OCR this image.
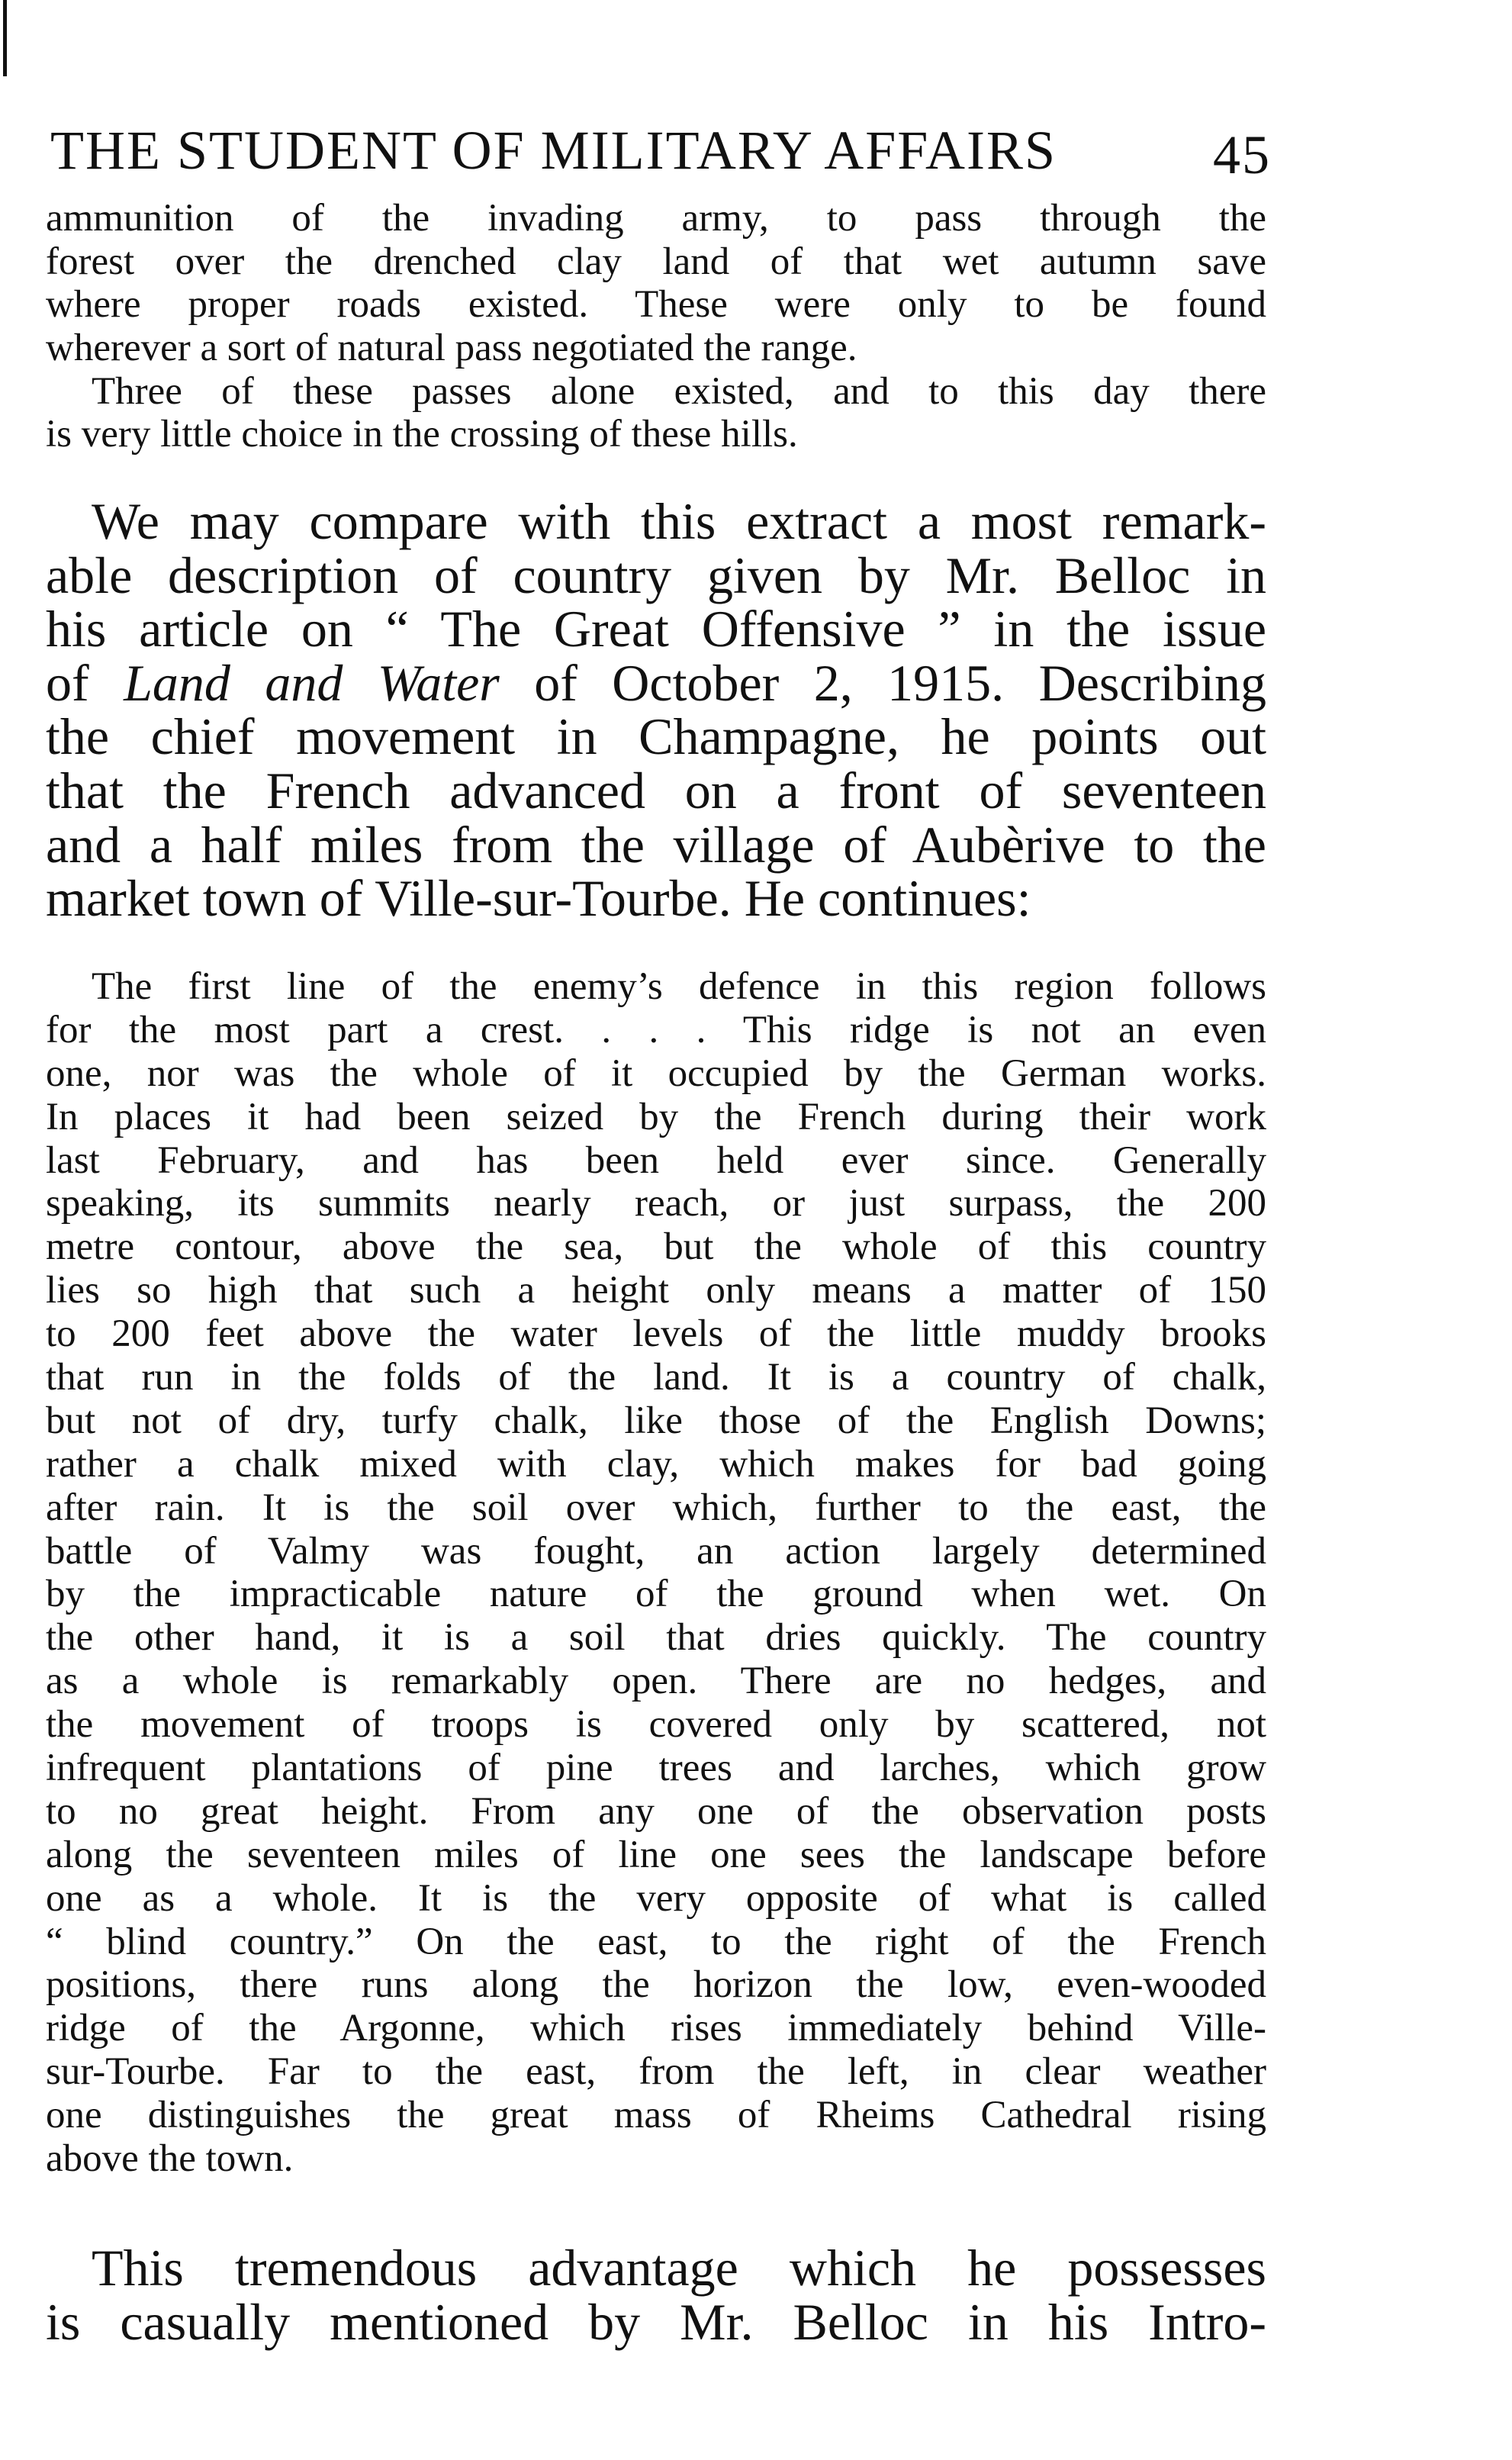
THE STUDENT OF MILITARY AFFAIRS	45
ammunition of the invading army, to pass through the
forest over the drenched clay land of that wet autumn save
where proper roads existed. These were only to be found
wherever a sort of natural pass negotiated the range.
Three of these passes alone existed, and to this day there
is very little choice in the crossing of these hills.
We may compare with this extract a most remark-
able description of country given by Mr. Belloc in
his article on “ The Great Offensive ” in the issue
of Land and Water of October 2, 1915. Describing
the chief movement in Champagne, he points out
that the French advanced on a front of seventeen
and a half miles from the village of Aubèrive to the
market town of Ville-sur-Tourbe. He continues:
The first line of the enemy’s defence in this region follows
for the most part a crest. . . . This ridge is not an even
one, nor was the whole of it occupied by the German works.
In places it had been seized by the French during their work
last February, and has been held ever since. Generally
speaking, its summits nearly reach, or just surpass, the 200
metre contour, above the sea, but the whole of this country
lies so high that such a height only means a matter of 150
to 200 feet above the water levels of the little muddy brooks
that run in the folds of the land. It is a country of chalk,
but not of dry, turfy chalk, like those of the English Downs;
rather a chalk mixed with clay, which makes for bad going
after rain. It is the soil over which, further to the east, the
battle of Valmy was fought, an action largely determined
by the impracticable nature of the ground when wet. On
the other hand, it is a soil that dries quickly. The country
as a whole is remarkably open. There are no hedges, and
the movement of troops is covered only by scattered, not
infrequent plantations of pine trees and larches, which grow
to no great height. From any one of the observation posts
along the seventeen miles of line one sees the landscape before
one as a whole. It is the very opposite of what is called
“ blind country.” On the east, to the right of the French
positions, there runs along the horizon the low, even-wooded
ridge of the Argonne, which rises immediately behind Ville-
sur-Tourbe. Far to the east, from the left, in clear weather
one distinguishes the great mass of Rheims Cathedral rising
above the town.
This tremendous advantage which he possesses
is casually mentioned by Mr. Belloc in his Intro-
